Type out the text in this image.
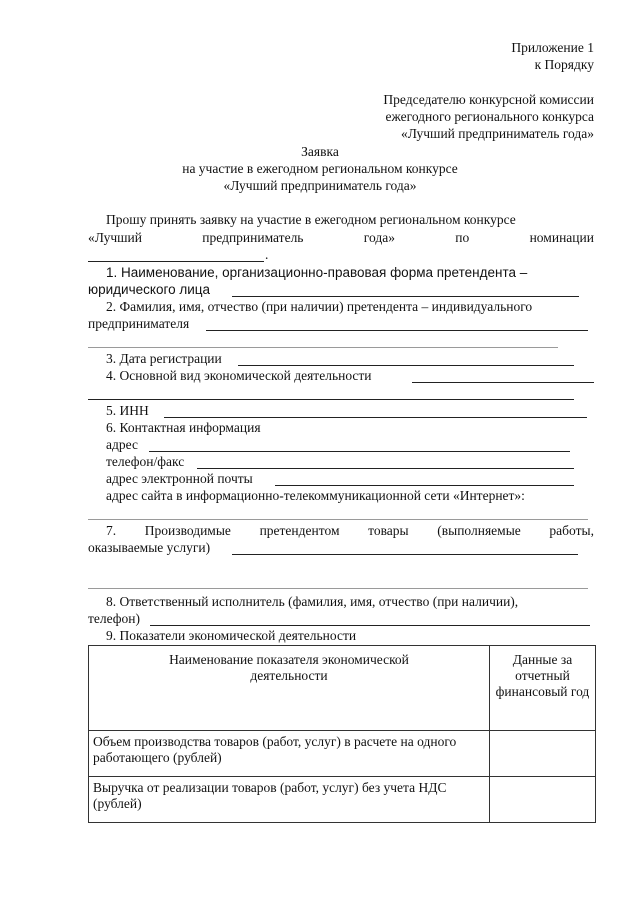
Приложение 1
к Порядку
Председателю конкурсной комиссии
ежегодного регионального конкурса
«Лучший предприниматель года»
Заявка
на участие в ежегодном региональном конкурсе
«Лучший предприниматель года»
Прошу принять заявку на участие в ежегодном региональном конкурсе
«Лучший	предприниматель	года»	по	номинации
.
1. Наименование, организационно-правовая форма претендента –
юридического лица
2. Фамилия, имя, отчество (при наличии) претендента – индивидуального
предпринимателя
3. Дата регистрации
4. Основной вид экономической деятельности
5. ИНН
6. Контактная информация
адрес
телефон/факс
адрес электронной почты
адрес сайта в информационно-телекоммуникационной сети «Интернет»:
7. Производимые претендентом товары (выполняемые работы,
оказываемые услуги)
8. Ответственный исполнитель (фамилия, имя, отчество (при наличии),
телефон)
9. Показатели экономической деятельности
Наименование показателя экономической деятельности	Данные за отчетный финансовый год
Объем производства товаров (работ, услуг) в расчете на одного работающего (рублей)	
Выручка от реализации товаров (работ, услуг) без учета НДС (рублей)	
